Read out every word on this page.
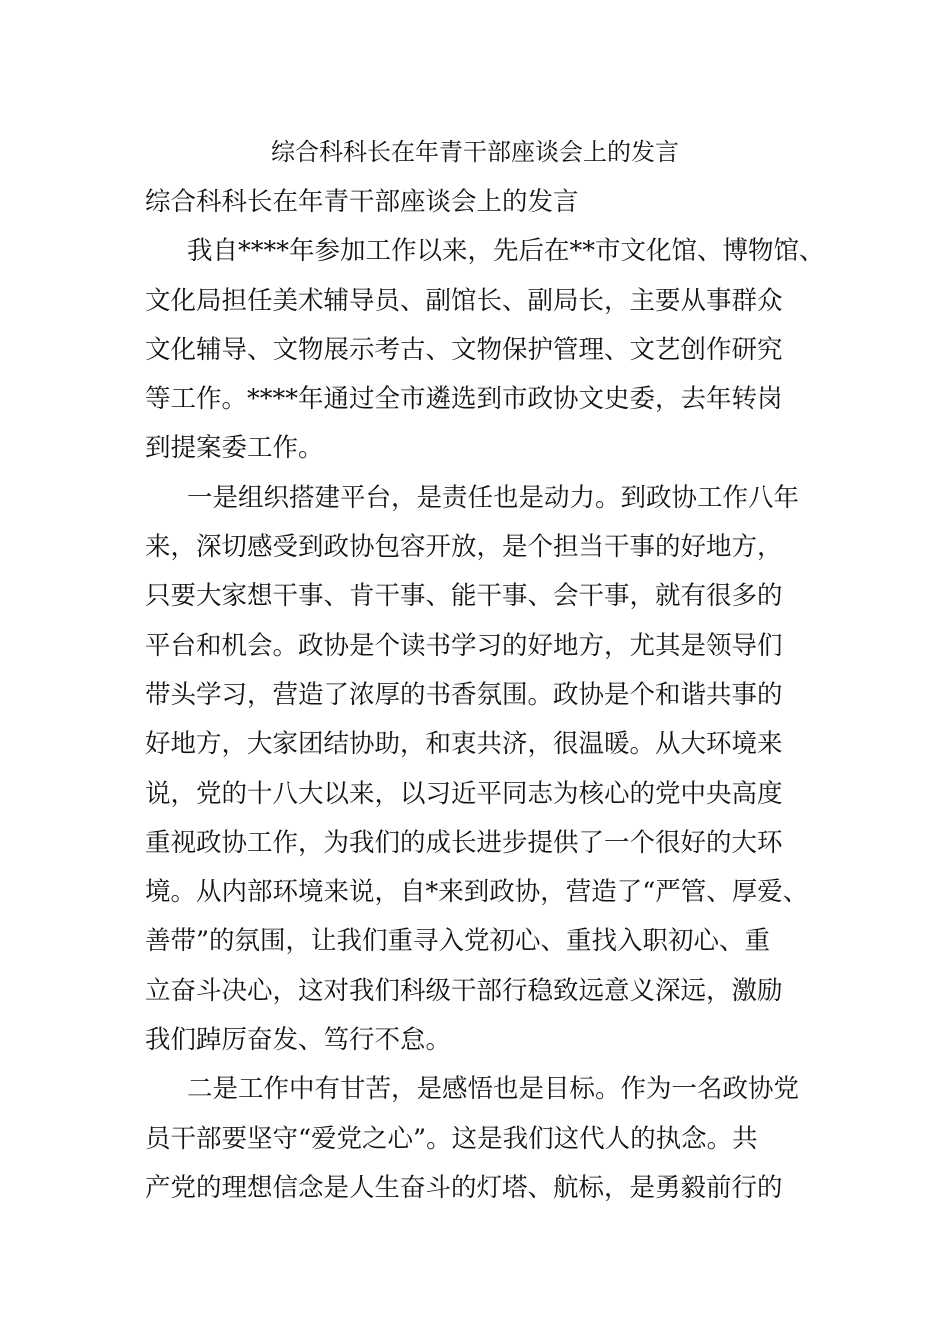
综合科科长在年青干部座谈会上的发言
综合科科长在年青干部座谈会上的发言
我自****年参加工作以来，先后在**市文化馆、博物馆、
文化局担任美术辅导员、副馆长、副局长，主要从事群众
文化辅导、文物展示考古、文物保护管理、文艺创作研究
等工作。****年通过全市遴选到市政协文史委，去年转岗
到提案委工作。
一是组织搭建平台，是责任也是动力。到政协工作八年
来，深切感受到政协包容开放，是个担当干事的好地方，
只要大家想干事、肯干事、能干事、会干事，就有很多的
平台和机会。政协是个读书学习的好地方，尤其是领导们
带头学习，营造了浓厚的书香氛围。政协是个和谐共事的
好地方，大家团结协助，和衷共济，很温暖。从大环境来
说，党的十八大以来，以习近平同志为核心的党中央高度
重视政协工作，为我们的成长进步提供了一个很好的大环
境。从内部环境来说，自*来到政协，营造了“严管、厚爱、
善带”的氛围，让我们重寻入党初心、重找入职初心、重
立奋斗决心，这对我们科级干部行稳致远意义深远，激励
我们踔厉奋发、笃行不怠。
二是工作中有甘苦，是感悟也是目标。作为一名政协党
员干部要坚守“爱党之心”。这是我们这代人的执念。共
产党的理想信念是人生奋斗的灯塔、航标，是勇毅前行的
